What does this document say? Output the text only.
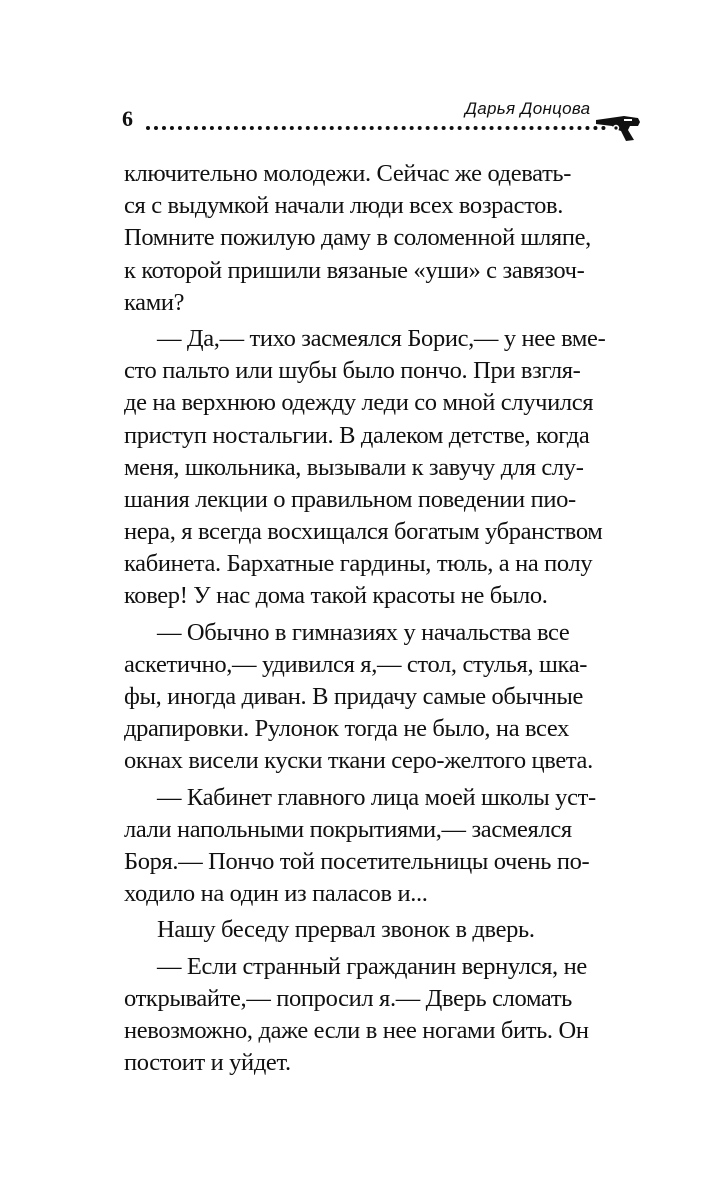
6	Дарья Донцова
ключительно молодежи. Сейчас же одевать-
ся с выдумкой начали люди всех возрастов.
Помните пожилую даму в соломенной шляпе,
к которой пришили вязаные «уши» с завязоч-
ками?
— Да,— тихо засмеялся Борис,— у нее вме-
сто пальто или шубы было пончо. При взгля-
де на верхнюю одежду леди со мной случился
приступ ностальгии. В далеком детстве, когда
меня, школьника, вызывали к завучу для слу-
шания лекции о правильном поведении пио-
нера, я всегда восхищался богатым убранством
кабинета. Бархатные гардины, тюль, а на полу
ковер! У нас дома такой красоты не было.
— Обычно в гимназиях у начальства все
аскетично,— удивился я,— стол, стулья, шка-
фы, иногда диван. В придачу самые обычные
драпировки. Рулонок тогда не было, на всех
окнах висели куски ткани серо-желтого цвета.
— Кабинет главного лица моей школы уст-
лали напольными покрытиями,— засмеялся
Боря.— Пончо той посетительницы очень по-
ходило на один из паласов и...
Нашу беседу прервал звонок в дверь.
— Если странный гражданин вернулся, не
открывайте,— попросил я.— Дверь сломать
невозможно, даже если в нее ногами бить. Он
постоит и уйдет.
